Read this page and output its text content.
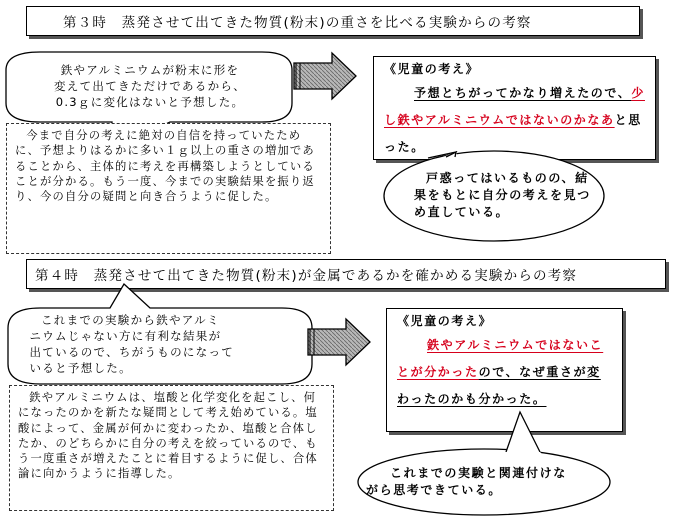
第３時　蒸発させて出てきた物質(粉末)の重さを比べる実験からの考察
鉄やアルミニウムが粉末に形を
変えて出てきただけであるから、
0.3ｇに変化はないと予想した。
今まで自分の考えに絶対の自信を持っていたために、予想よりはるかに多い１ｇ以上の重さの増加であることから、主体的に考えを再構築しようとしていることが分かる。もう一度、今までの実験結果を振り返り、今の自分の疑問と向き合うように促した。
《児童の考え》
予想とちがってかなり増えたので、少し鉄やアルミニウムではないのかなあと思った。
戸惑ってはいるものの、結
果をもとに自分の考えを見つ
め直している。
第４時　蒸発させて出てきた物質(粉末)が金属であるかを確かめる実験からの考察
これまでの実験から鉄やアルミ
ニウムじゃない方に有利な結果が
出ているので、ちがうものになって
いると予想した。
鉄やアルミニウムは、塩酸と化学変化を起こし、何になったのかを新たな疑問として考え始めている。塩酸によって、金属が何かに変わったか、塩酸と合体したか、のどちらかに自分の考えを絞っているので、もう一度重さが増えたことに着目するように促し、合体論に向かうように指導した。
《児童の考え》
鉄やアルミニウムではないことが分かったので、なぜ重さが変わったのかも分かった。
これまでの実験と関連付けな
がら思考できている。
